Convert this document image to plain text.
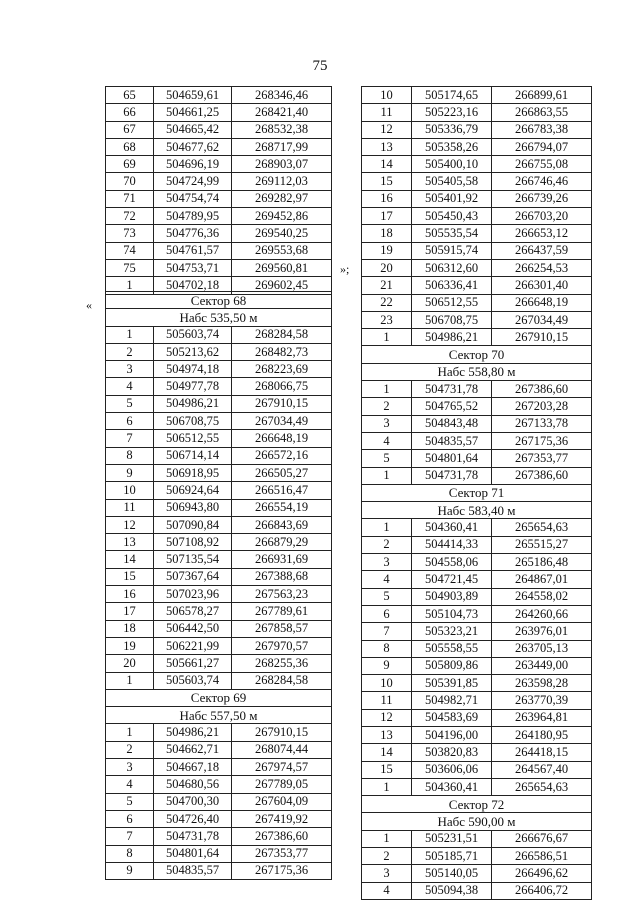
75
65	504659,61	268346,46
66	504661,25	268421,40
67	504665,42	268532,38
68	504677,62	268717,99
69	504696,19	268903,07
70	504724,99	269112,03
71	504754,74	269282,97
72	504789,95	269452,86
73	504776,36	269540,25
74	504761,57	269553,68
75	504753,71	269560,81
1	504702,18	269602,45
»;
«	Сектор 68		
Набс 535,50 м		
1	505603,74	268284,58
2	505213,62	268482,73
3	504974,18	268223,69
4	504977,78	268066,75
5	504986,21	267910,15
6	506708,75	267034,49
7	506512,55	266648,19
8	506714,14	266572,16
9	506918,95	266505,27
10	506924,64	266516,47
11	506943,80	266554,19
12	507090,84	266843,69
13	507108,92	266879,29
14	507135,54	266931,69
15	507367,64	267388,68
16	507023,96	267563,23
17	506578,27	267789,61
18	506442,50	267858,57
19	506221,99	267970,57
20	505661,27	268255,36
1	505603,74	268284,58
Сектор 69		
Набс 557,50 м		
1	504986,21	267910,15
2	504662,71	268074,44
3	504667,18	267974,57
4	504680,56	267789,05
5	504700,30	267604,09
6	504726,40	267419,92
7	504731,78	267386,60
8	504801,64	267353,77
9	504835,57	267175,36
10	505174,65	266899,61
11	505223,16	266863,55
12	505336,79	266783,38
13	505358,26	266794,07
14	505400,10	266755,08
15	505405,58	266746,46
16	505401,92	266739,26
17	505450,43	266703,20
18	505535,54	266653,12
19	505915,74	266437,59
20	506312,60	266254,53
21	506336,41	266301,40
22	506512,55	266648,19
23	506708,75	267034,49
1	504986,21	267910,15
Сектор 70		
Набс 558,80 м		
1	504731,78	267386,60
2	504765,52	267203,28
3	504843,48	267133,78
4	504835,57	267175,36
5	504801,64	267353,77
1	504731,78	267386,60
Сектор 71		
Набс 583,40 м		
1	504360,41	265654,63
2	504414,33	265515,27
3	504558,06	265186,48
4	504721,45	264867,01
5	504903,89	264558,02
6	505104,73	264260,66
7	505323,21	263976,01
8	505558,55	263705,13
9	505809,86	263449,00
10	505391,85	263598,28
11	504982,71	263770,39
12	504583,69	263964,81
13	504196,00	264180,95
14	503820,83	264418,15
15	503606,06	264567,40
1	504360,41	265654,63
Сектор 72		
Набс 590,00 м		
1	505231,51	266676,67
2	505185,71	266586,51
3	505140,05	266496,62
4	505094,38	266406,72
